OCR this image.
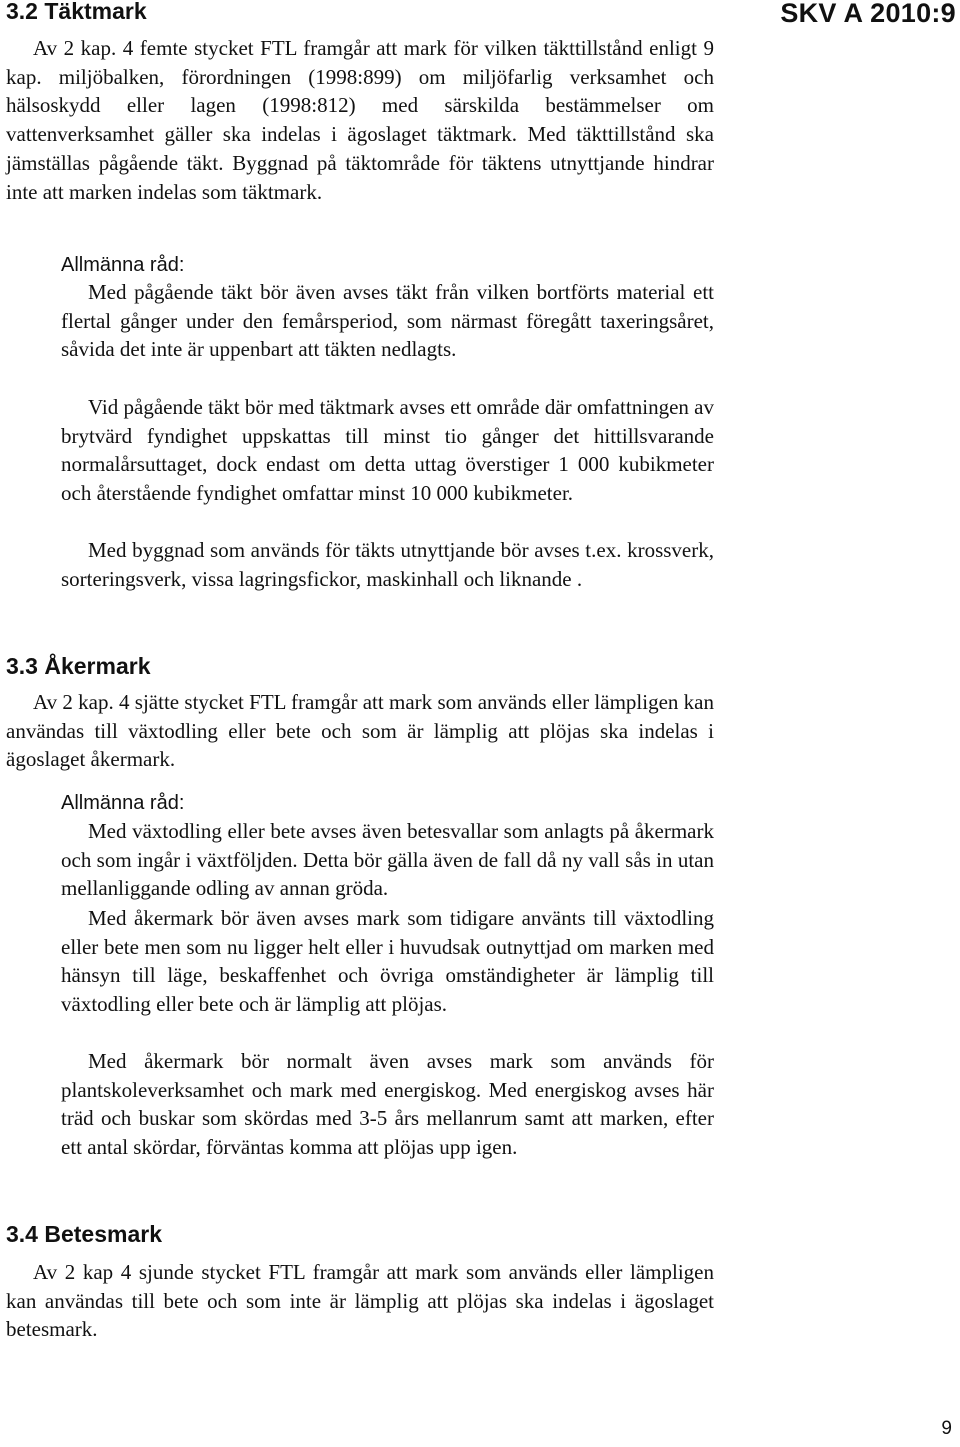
SKV A 2010:9
3.2 Täktmark

Av 2 kap. 4 femte stycket FTL framgår att mark för vilken täkttillstånd enligt 9 kap. miljöbalken, förordningen (1998:899) om miljöfarlig verksamhet och hälsoskydd eller lagen (1998:812) med särskilda bestämmelser om vattenverksamhet gäller ska indelas i ägoslaget täktmark. Med täkttillstånd ska jämställas pågående täkt. Byggnad på täktområde för täktens utnyttjande hindrar inte att marken indelas som täktmark.

Allmänna råd:

Med pågående täkt bör även avses täkt från vilken bortförts material ett flertal gånger under den femårsperiod, som närmast föregått taxeringsåret, såvida det inte är uppenbart att täkten nedlagts.

Vid pågående täkt bör med täktmark avses ett område där omfattningen av brytvärd fyndighet uppskattas till minst tio gånger det hittillsvarande normalårsuttaget, dock endast om detta uttag överstiger 1 000 kubikmeter och återstående fyndighet omfattar minst 10 000 kubikmeter.

Med byggnad som används för täkts utnyttjande bör avses t.ex. krossverk, sorteringsverk, vissa lagringsfickor, maskinhall och liknande .

3.3 Åkermark

Av 2 kap. 4 sjätte stycket FTL framgår att mark som används eller lämpligen kan användas till växtodling eller bete och som är lämplig att plöjas ska indelas i ägoslaget åkermark.

Allmänna råd:

Med växtodling eller bete avses även betesvallar som anlagts på åkermark och som ingår i växtföljden. Detta bör gälla även de fall då ny vall sås in utan mellanliggande odling av annan gröda.

Med åkermark bör även avses mark som tidigare använts till växtodling eller bete men som nu ligger helt eller i huvudsak outnyttjad om marken med hänsyn till läge, beskaffenhet och övriga omständigheter är lämplig till växtodling eller bete och är lämplig att plöjas.

Med åkermark bör normalt även avses mark som används för plantskoleverksamhet och mark med energiskog. Med energiskog avses här träd och buskar som skördas med 3-5 års mellanrum samt att marken, efter ett antal skördar, förväntas komma att plöjas upp igen.

3.4 Betesmark

Av 2 kap 4 sjunde stycket FTL framgår att mark som används eller lämpligen kan användas till bete och som inte är lämplig att plöjas ska indelas i ägoslaget betesmark.

9
